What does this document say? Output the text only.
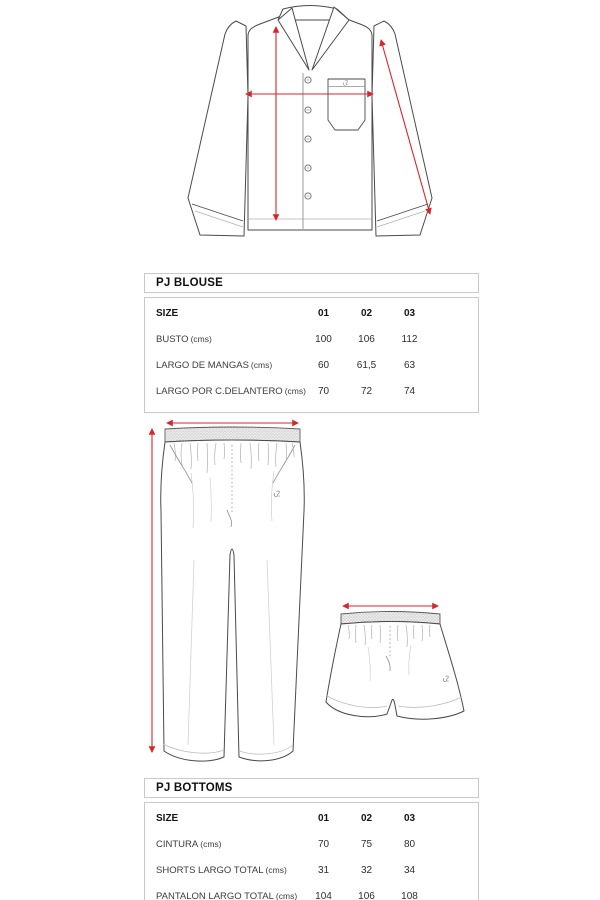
PJ BLOUSE
SIZE	01	02	03
BUSTO (cms)	100	106	112
LARGO DE MANGAS (cms)	60	61,5	63
LARGO POR C.DELANTERO (cms)	70	72	74
PJ BOTTOMS
SIZE	01	02	03
CINTURA (cms)	70	75	80
SHORTS LARGO TOTAL (cms)	31	32	34
PANTALON LARGO TOTAL (cms)	104	106	108
